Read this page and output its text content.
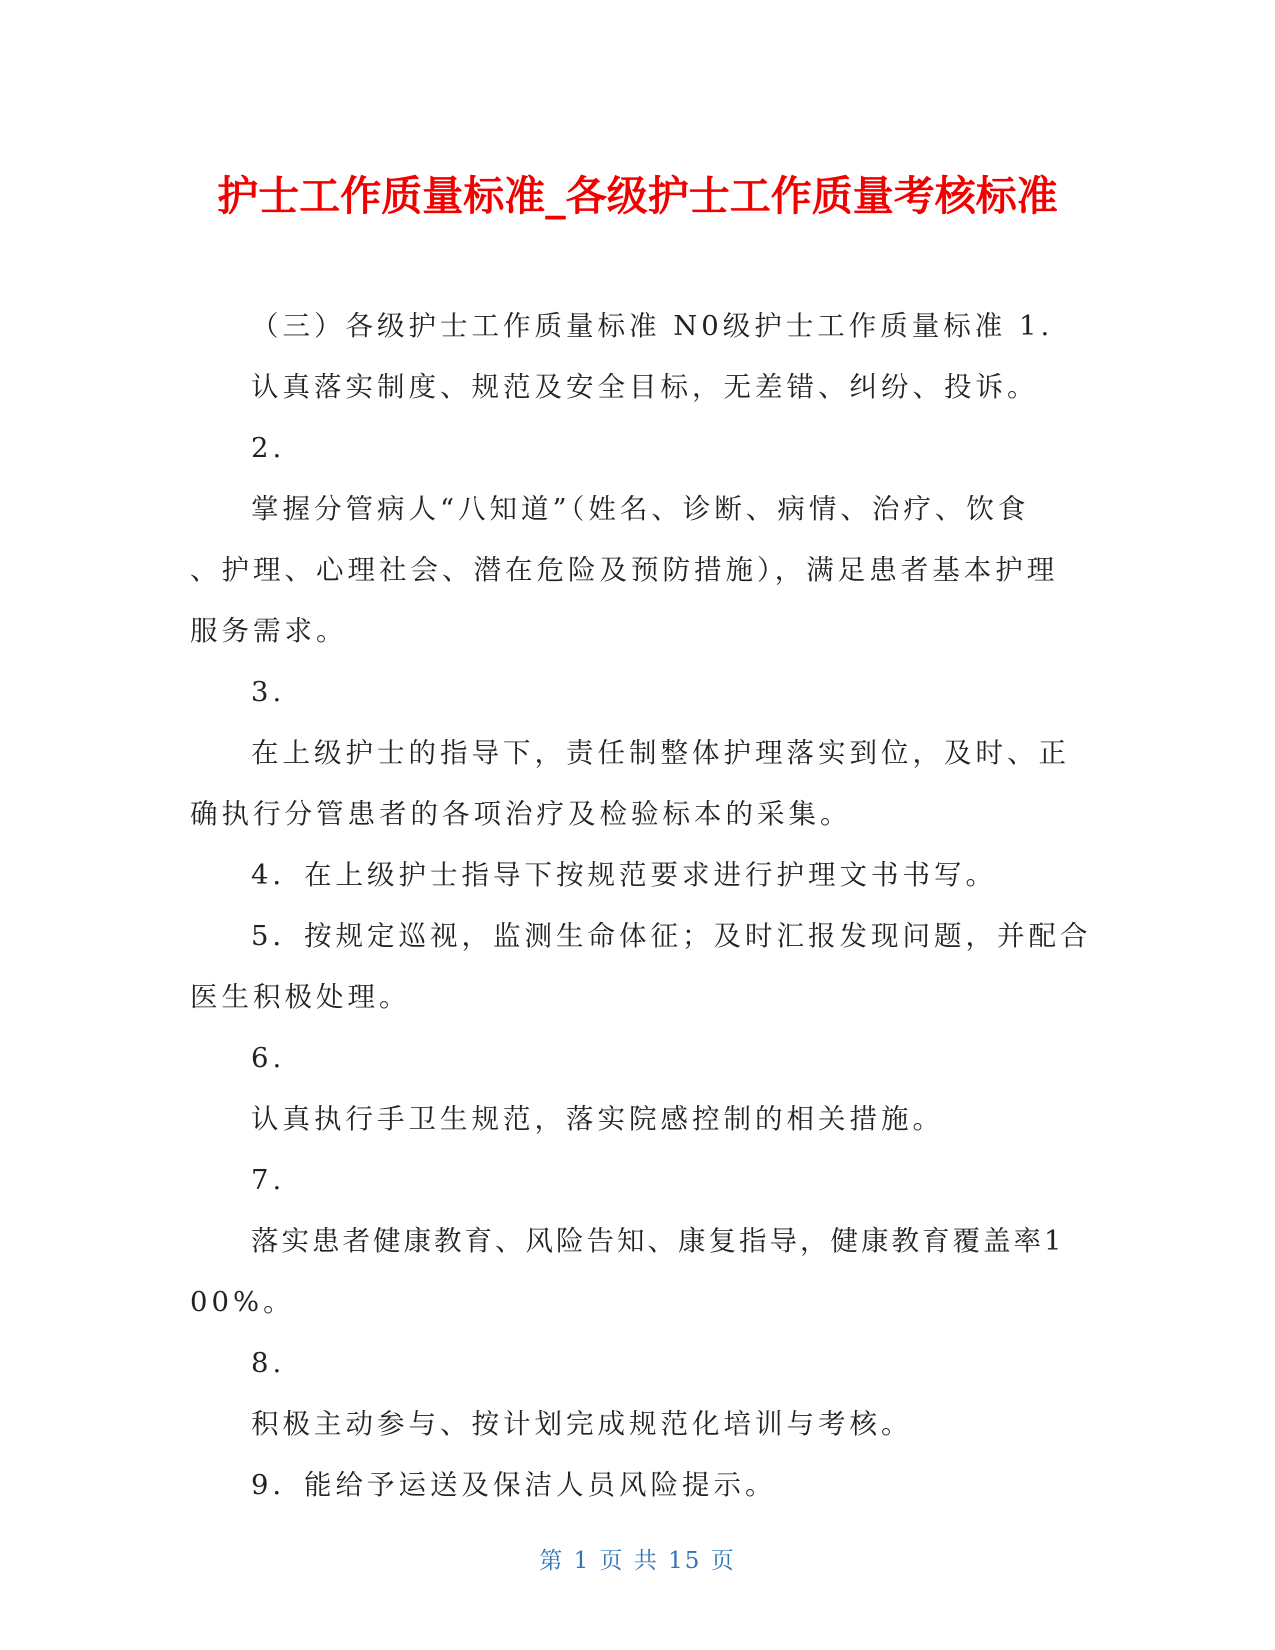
护士工作质量标准_各级护士工作质量考核标准
（三）各级护士工作质量标准 N0级护士工作质量标准 1.
认真落实制度、规范及安全目标，无差错、纠纷、投诉。
2.
掌握分管病人“八知道”（姓名、诊断、病情、治疗、饮食
、护理、心理社会、潜在危险及预防措施），满足患者基本护理
服务需求。
3.
在上级护士的指导下，责任制整体护理落实到位，及时、正
确执行分管患者的各项治疗及检验标本的采集。
4．在上级护士指导下按规范要求进行护理文书书写。
5．按规定巡视，监测生命体征；及时汇报发现问题，并配合
医生积极处理。
6.
认真执行手卫生规范，落实院感控制的相关措施。
7.
落实患者健康教育、风险告知、康复指导，健康教育覆盖率1
00%。
8.
积极主动参与、按计划完成规范化培训与考核。
9．能给予运送及保洁人员风险提示。
第 1 页 共 15 页
